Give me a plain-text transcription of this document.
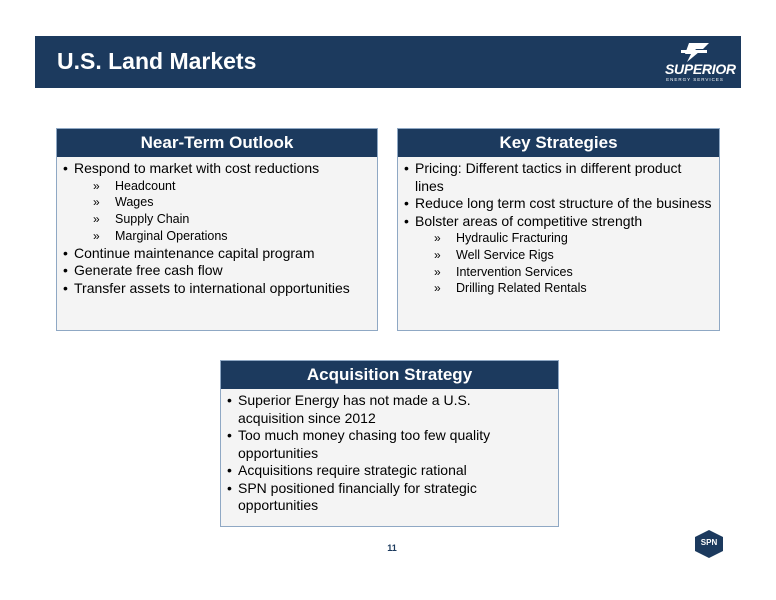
U.S. Land Markets	SUPERIOR
ENERGY SERVICES
Near-Term Outlook
• Respond to market with cost reductions
» Headcount
» Wages
» Supply Chain
» Marginal Operations
• Continue maintenance capital program
• Generate free cash flow
• Transfer assets to international opportunities
Key Strategies
• Pricing: Different tactics in different product lines
• Reduce long term cost structure of the business
• Bolster areas of competitive strength
» Hydraulic Fracturing
» Well Service Rigs
» Intervention Services
» Drilling Related Rentals
Acquisition Strategy
• Superior Energy has not made a U.S. acquisition since 2012
• Too much money chasing too few quality opportunities
• Acquisitions require strategic rational
• SPN positioned financially for strategic opportunities
11
SPN
